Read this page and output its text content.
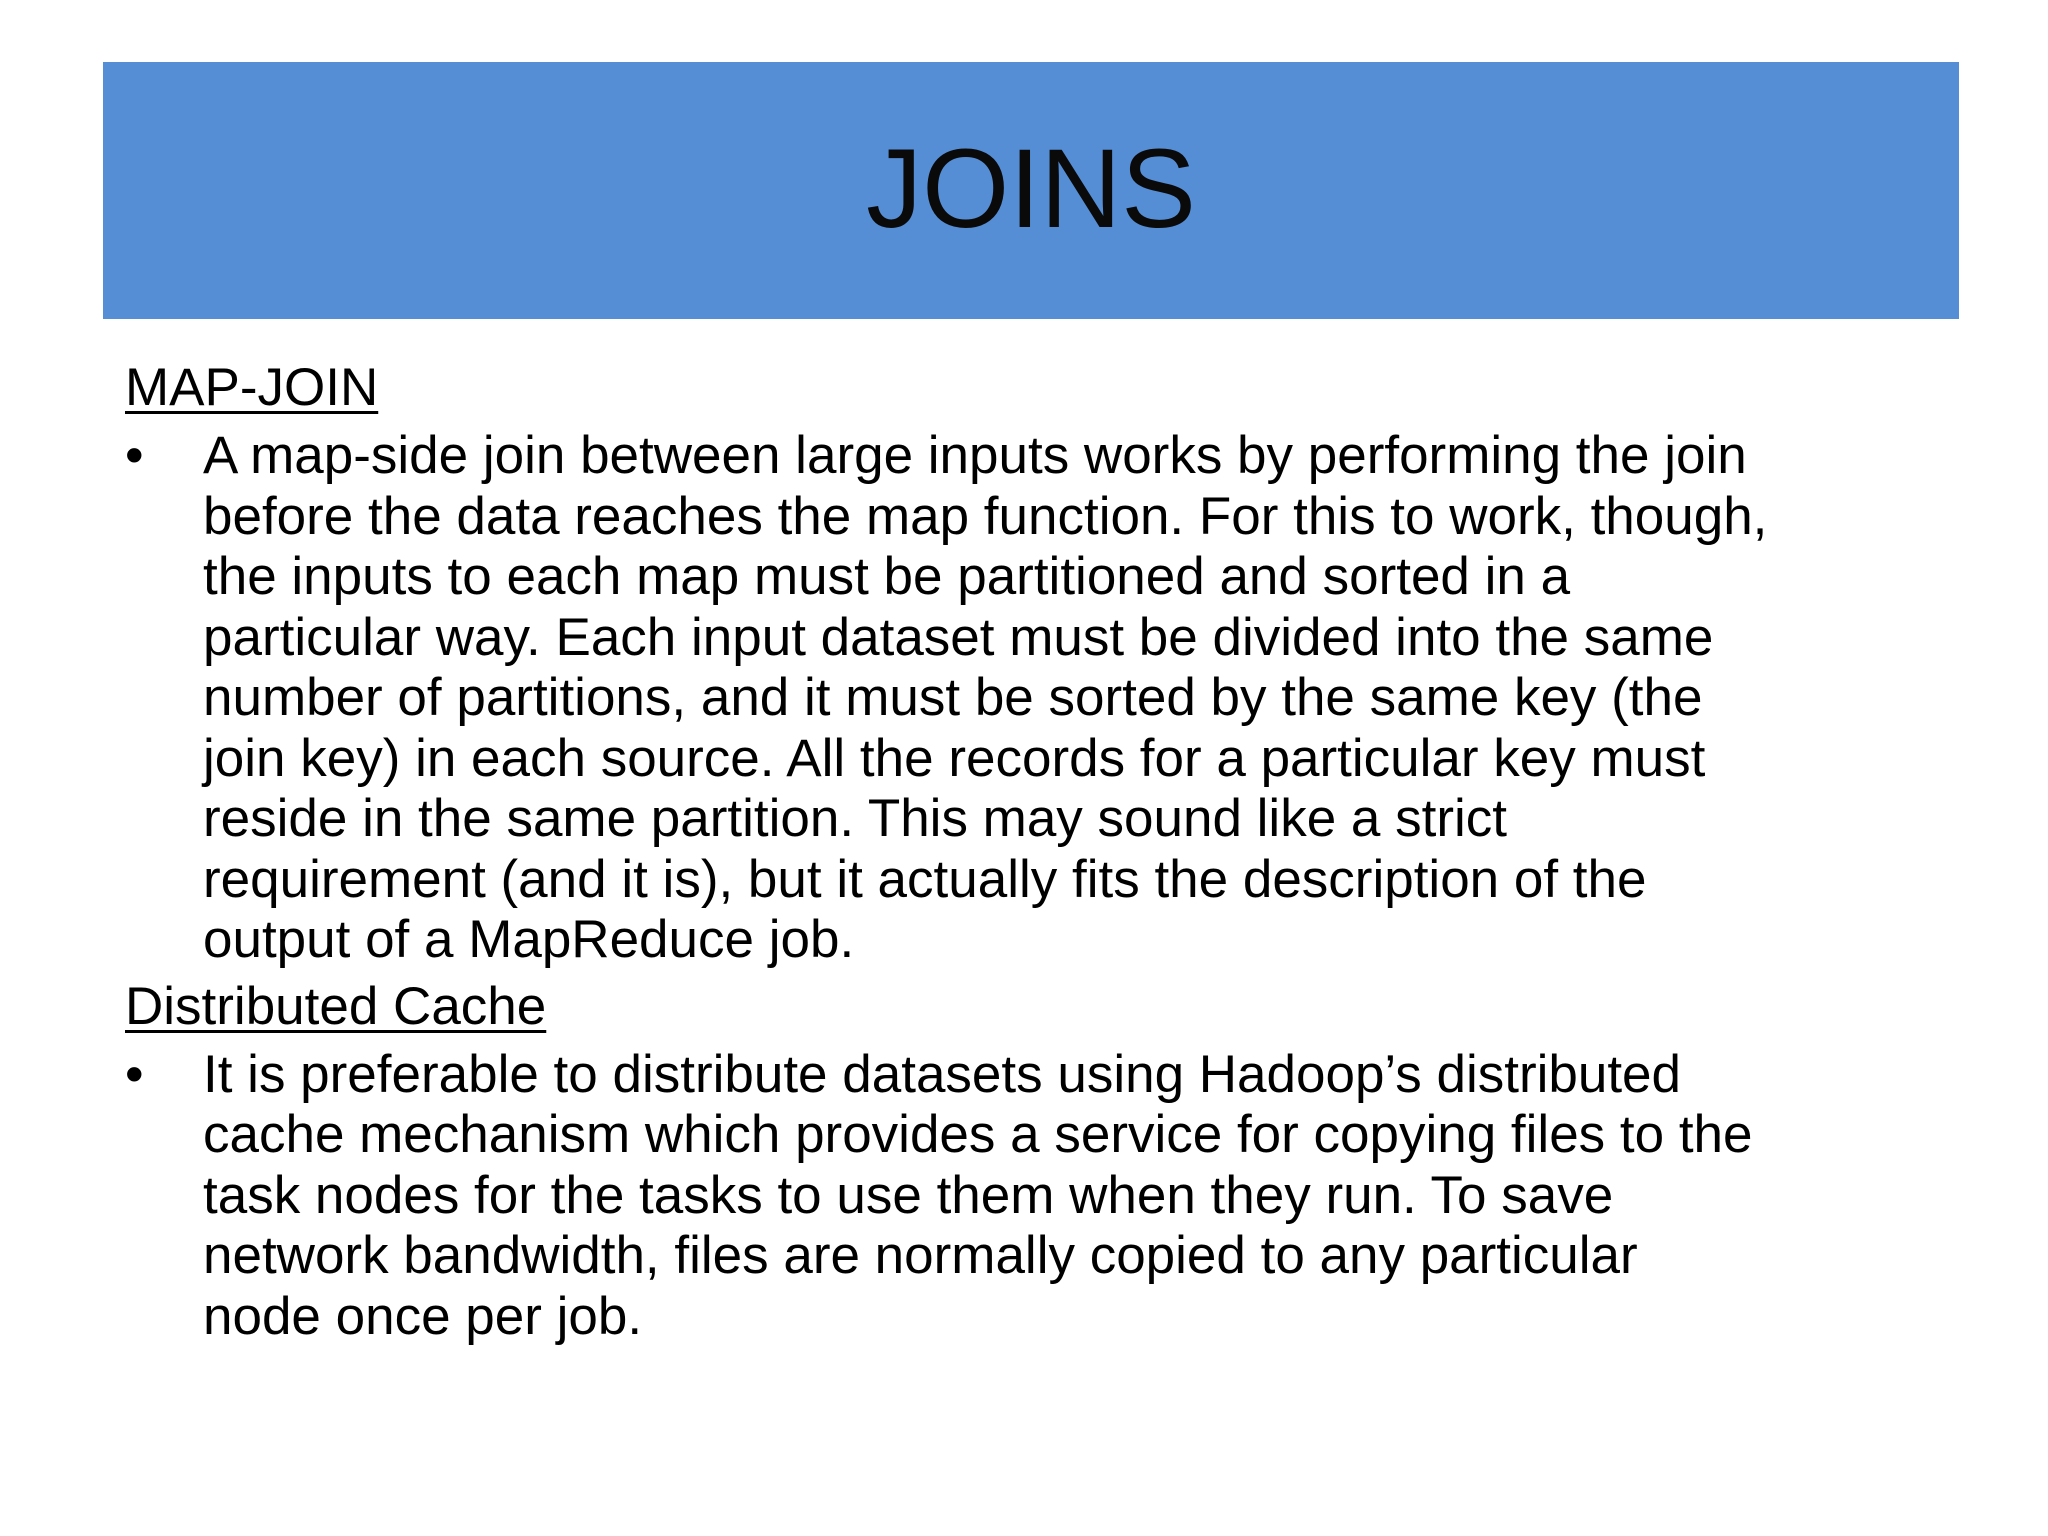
JOINS
MAP-JOIN
•	A map-side join between large inputs works by performing the join
before the data reaches the map function. For this to work, though,
the inputs to each map must be partitioned and sorted in a
particular way. Each input dataset must be divided into the same
number of partitions, and it must be sorted by the same key (the
join key) in each source. All the records for a particular key must
reside in the same partition. This may sound like a strict
requirement (and it is), but it actually fits the description of the
output of a MapReduce job.
Distributed Cache
•	It is preferable to distribute datasets using Hadoop’s distributed
cache mechanism which provides a service for copying files to the
task nodes for the tasks to use them when they run. To save
network bandwidth, files are normally copied to any particular
node once per job.
